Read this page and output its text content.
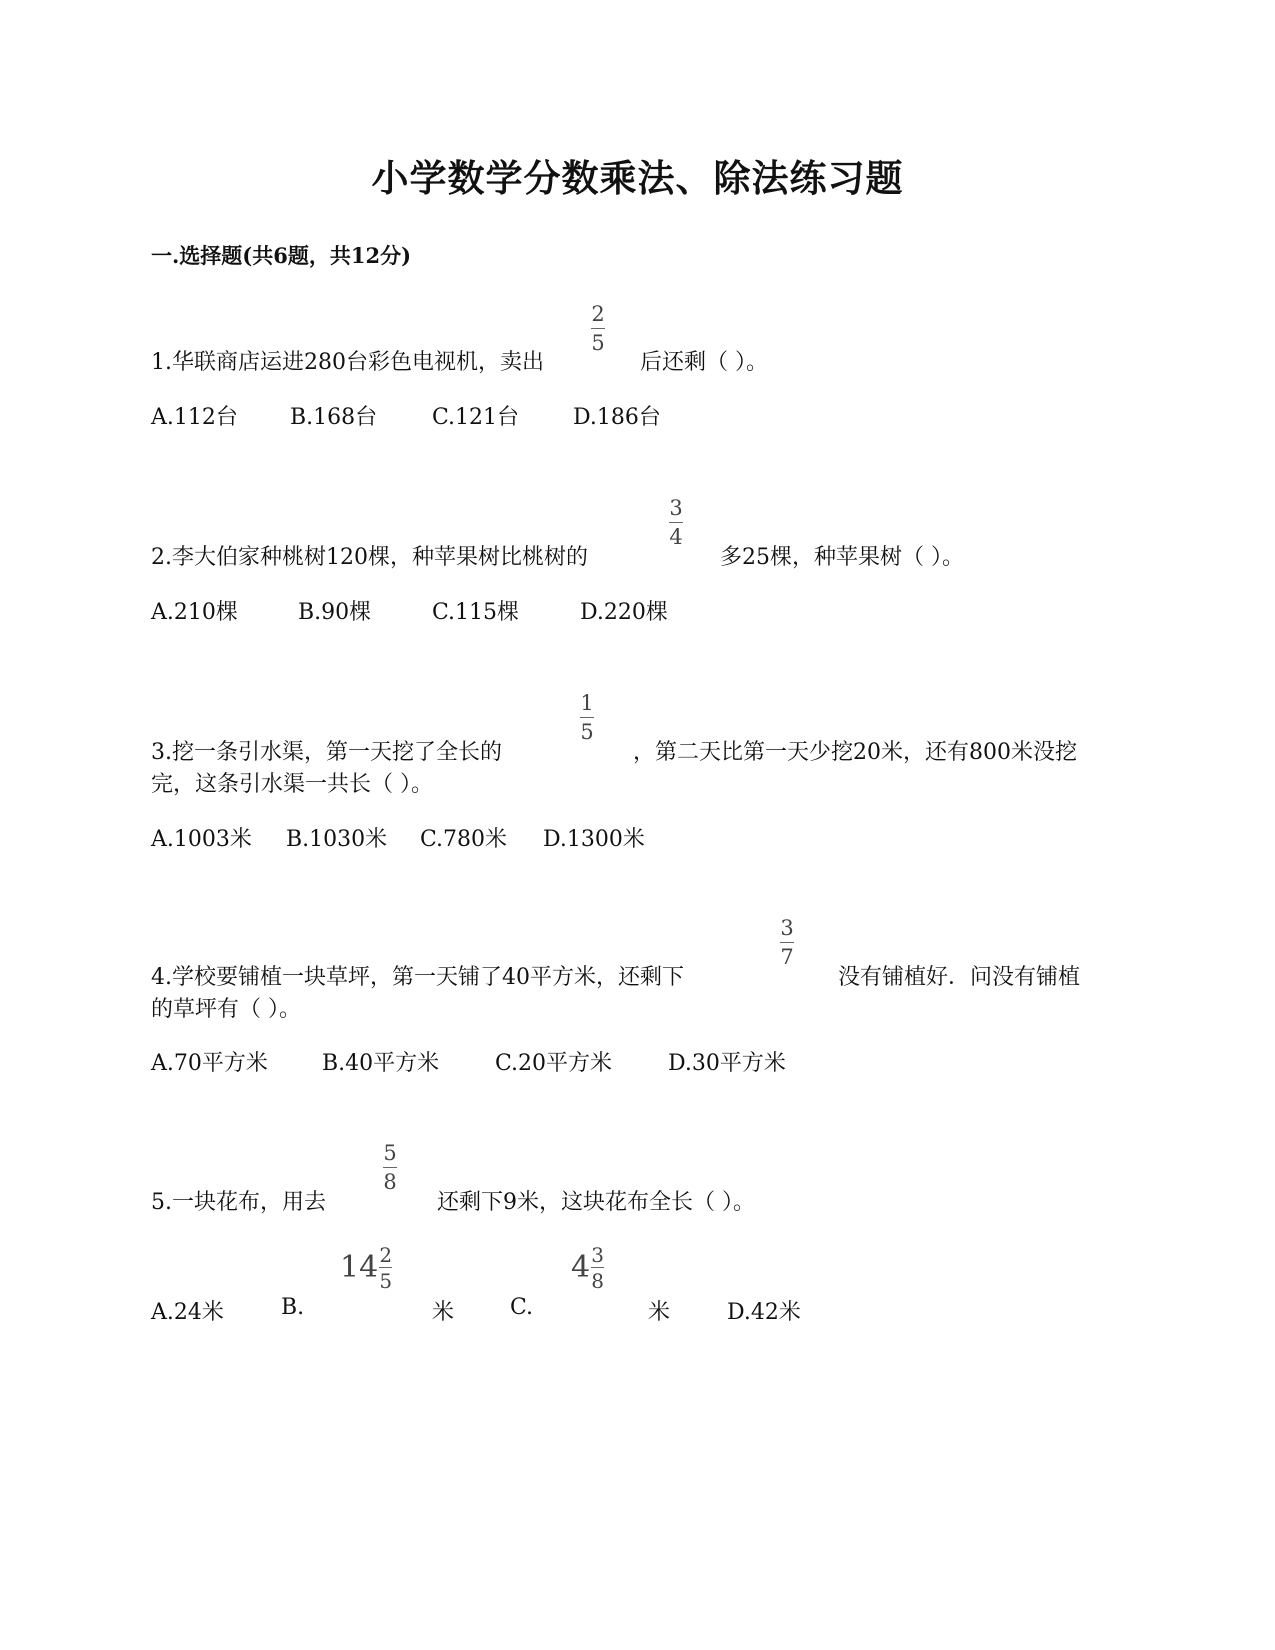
小学数学分数乘法、除法练习题
一.选择题(共6题，共12分)
2
5
1.华联商店运进280台彩色电视机，卖出	后还剩（ ）。
A.112台 B.168台 C.121台 D.186台
3
4
2.李大伯家种桃树120棵，种苹果树比桃树的	多25棵，种苹果树（ ）。
A.210棵	B.90棵	C.115棵	D.220棵
1
5
3.挖一条引水渠，第一天挖了全长的	，第二天比第一天少挖20米，还有800米没挖
完，这条引水渠一共长（ ）。
A.1003米 B.1030米 C.780米 D.1300米
3
7
4.学校要铺植一块草坪，第一天铺了40平方米，还剩下	没有铺植好．问没有铺植
的草坪有（ ）。
A.70平方米 B.40平方米	C.20平方米	D.30平方米
5
8
5.一块花布，用去	还剩下9米，这块花布全长（ ）。
A.24米	B.
$14 \frac{2}{5}$
米	C.
$4 \frac{3}{8}$
米	D.42米
